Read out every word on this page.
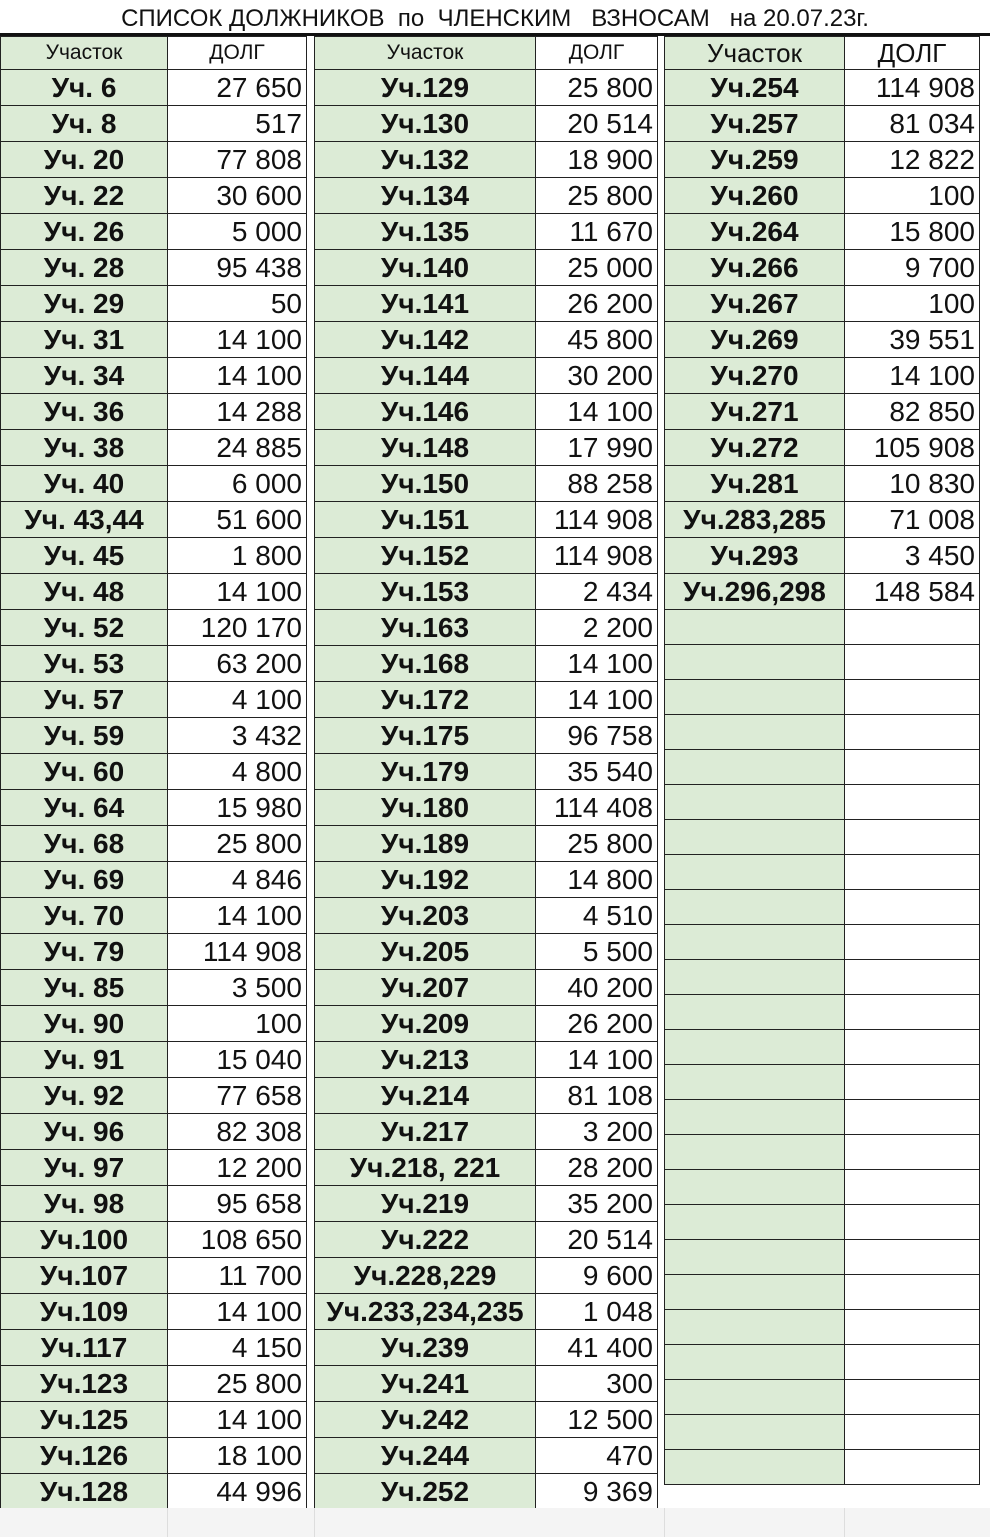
СПИСОК ДОЛЖНИКОВ  по  ЧЛЕНСКИМ   ВЗНОСАМ   на 20.07.23г.
Участок	ДОЛГ
Уч. 6	27 650
Уч. 8	517
Уч. 20	77 808
Уч. 22	30 600
Уч. 26	5 000
Уч. 28	95 438
Уч. 29	50
Уч. 31	14 100
Уч. 34	14 100
Уч. 36	14 288
Уч. 38	24 885
Уч. 40	6 000
Уч. 43,44	51 600
Уч. 45	1 800
Уч. 48	14 100
Уч. 52	120 170
Уч. 53	63 200
Уч. 57	4 100
Уч. 59	3 432
Уч. 60	4 800
Уч. 64	15 980
Уч. 68	25 800
Уч. 69	4 846
Уч. 70	14 100
Уч. 79	114 908
Уч. 85	3 500
Уч. 90	100
Уч. 91	15 040
Уч. 92	77 658
Уч. 96	82 308
Уч. 97	12 200
Уч. 98	95 658
Уч.100	108 650
Уч.107	11 700
Уч.109	14 100
Уч.117	4 150
Уч.123	25 800
Уч.125	14 100
Уч.126	18 100
Уч.128	44 996
Участок	ДОЛГ
Уч.129	25 800
Уч.130	20 514
Уч.132	18 900
Уч.134	25 800
Уч.135	11 670
Уч.140	25 000
Уч.141	26 200
Уч.142	45 800
Уч.144	30 200
Уч.146	14 100
Уч.148	17 990
Уч.150	88 258
Уч.151	114 908
Уч.152	114 908
Уч.153	2 434
Уч.163	2 200
Уч.168	14 100
Уч.172	14 100
Уч.175	96 758
Уч.179	35 540
Уч.180	114 408
Уч.189	25 800
Уч.192	14 800
Уч.203	4 510
Уч.205	5 500
Уч.207	40 200
Уч.209	26 200
Уч.213	14 100
Уч.214	81 108
Уч.217	3 200
Уч.218, 221	28 200
Уч.219	35 200
Уч.222	20 514
Уч.228,229	9 600
Уч.233,234,235	1 048
Уч.239	41 400
Уч.241	300
Уч.242	12 500
Уч.244	470
Уч.252	9 369
Участок	ДОЛГ
Уч.254	114 908
Уч.257	81 034
Уч.259	12 822
Уч.260	100
Уч.264	15 800
Уч.266	9 700
Уч.267	100
Уч.269	39 551
Уч.270	14 100
Уч.271	82 850
Уч.272	105 908
Уч.281	10 830
Уч.283,285	71 008
Уч.293	3 450
Уч.296,298	148 584
